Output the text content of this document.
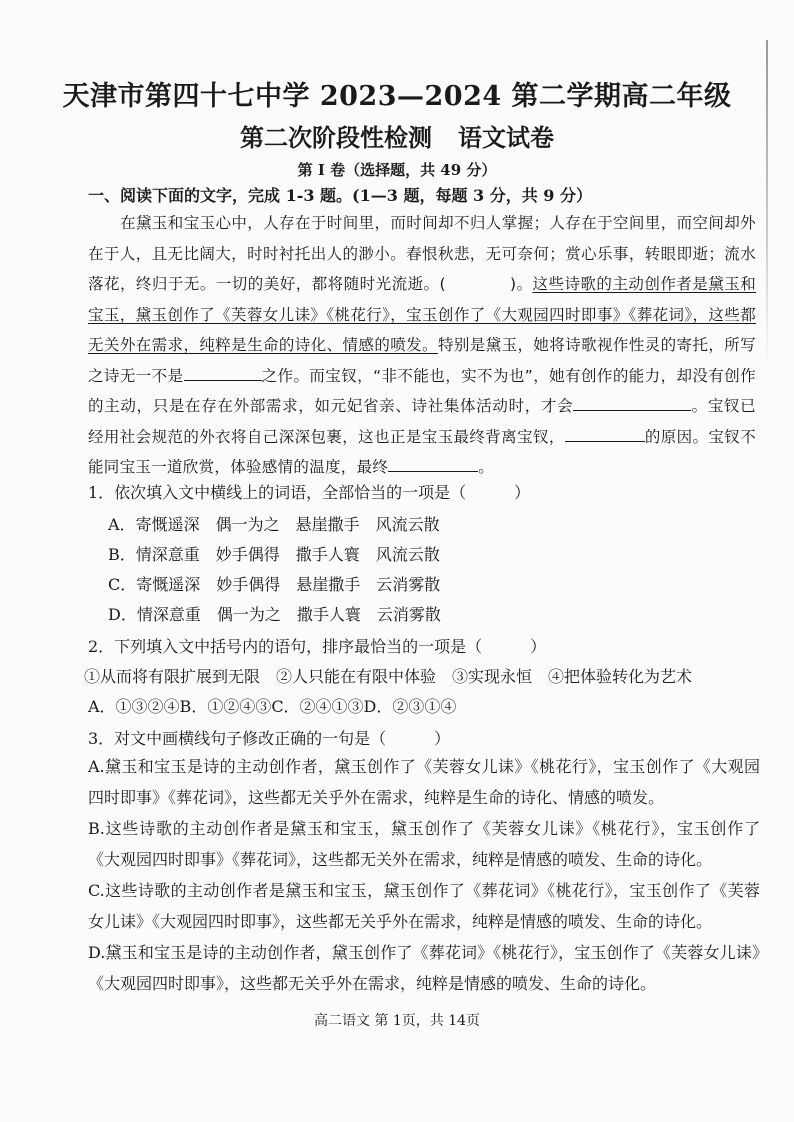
天津市第四十七中学 2023—2024 第二学期高二年级
第二次阶段性检测 语文试卷
第 I 卷（选择题，共 49 分）
一、阅读下面的文字，完成 1-3 题。(1—3 题，每题 3 分，共 9 分）
在黛玉和宝玉心中，人存在于时间里，而时间却不归人掌握；人存在于空间里，而空间却外在于人，且无比阔大，时时衬托出人的渺小。春恨秋悲，无可奈何；赏心乐事，转眼即逝；流水落花，终归于无。一切的美好，都将随时光流逝。(　　　　)。这些诗歌的主动创作者是黛玉和宝玉，黛玉创作了《芙蓉女儿诔》《桃花行》，宝玉创作了《大观园四时即事》《葬花词》，这些都无关外在需求，纯粹是生命的诗化、情感的喷发。特别是黛玉，她将诗歌视作性灵的寄托，所写之诗无一不是	之作。而宝钗，“非不能也，实不为也”，她有创作的能力，却没有创作的主动，只是在存在外部需求，如元妃省亲、诗社集体活动时，才会	。宝钗已经用社会规范的外衣将自己深深包裹，这也正是宝玉最终背离宝钗，	的原因。宝钗不能同宝玉一道欣赏，体验感情的温度，最终	。
1．依次填入文中横线上的词语，全部恰当的一项是（　　　）
A．寄慨遥深 偶一为之 悬崖撒手 风流云散
B．情深意重 妙手偶得 撒手人寰 风流云散
C．寄慨遥深 妙手偶得 悬崖撒手 云消雾散
D．情深意重 偶一为之 撒手人寰 云消雾散
2．下列填入文中括号内的语句，排序最恰当的一项是（　　　）
①从而将有限扩展到无限　②人只能在有限中体验　③实现永恒　④把体验转化为艺术
A．①③②④B．①②④③C．②④①③D．②③①④
3．对文中画横线句子修改正确的一句是（　　　）
A.黛玉和宝玉是诗的主动创作者，黛玉创作了《芙蓉女儿诔》《桃花行》，宝玉创作了《大观园四时即事》《葬花词》，这些都无关乎外在需求，纯粹是生命的诗化、情感的喷发。
B.这些诗歌的主动创作者是黛玉和宝玉，黛玉创作了《芙蓉女儿诔》《桃花行》，宝玉创作了《大观园四时即事》《葬花词》，这些都无关外在需求，纯粹是情感的喷发、生命的诗化。
C.这些诗歌的主动创作者是黛玉和宝玉，黛玉创作了《葬花词》《桃花行》，宝玉创作了《芙蓉女儿诔》《大观园四时即事》，这些都无关乎外在需求，纯粹是情感的喷发、生命的诗化。
D.黛玉和宝玉是诗的主动创作者，黛玉创作了《葬花词》《桃花行》，宝玉创作了《芙蓉女儿诔》《大观园四时即事》，这些都无关乎外在需求，纯粹是情感的喷发、生命的诗化。
高二语文 第 1页，共 14页
